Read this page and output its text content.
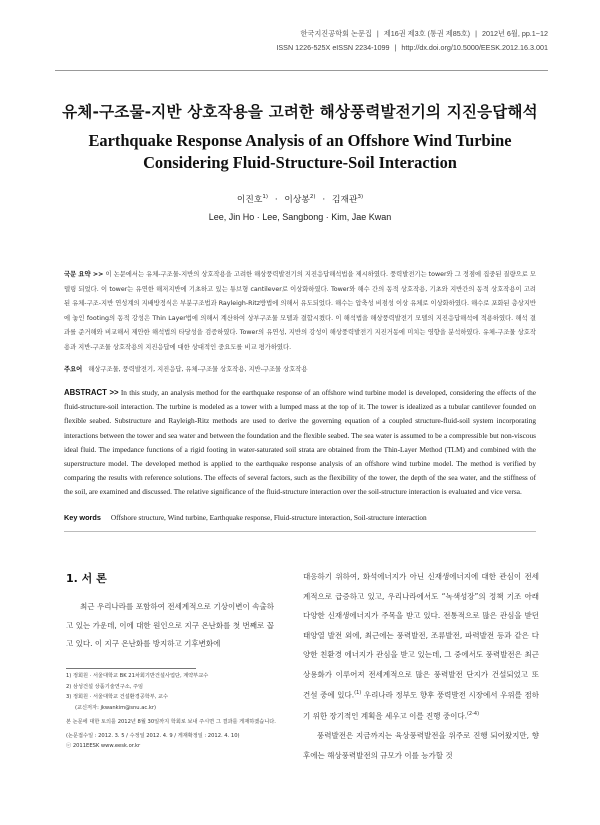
한국지진공학회 논문집 | 제16권 제3호 (통권 제85호) | 2012년 6월, pp.1~12
ISSN 1226-525X eISSN 2234-1099 | http://dx.doi.org/10.5000/EESK.2012.16.3.001
유체-구조물-지반 상호작용을 고려한 해상풍력발전기의 지진응답해석
Earthquake Response Analysis of an Offshore Wind Turbine Considering Fluid-Structure-Soil Interaction
이진호$^{1)}$ · 이상봉$^{2)}$ · 김재관$^{3)}$
Lee, Jin Ho · Lee, Sangbong · Kim, Jae Kwan
국문 요약 >> 이 논문에서는 유체-구조물-지반의 상호작용을 고려한 해상풍력발전기의 지진응답해석법을 제시하였다. 풍력발전기는 tower와 그 정점에 집중된 질량으로 모델링 되었다. 이 tower는 유연한 해저지반에 기초하고 있는 튜브형 cantilever로 이상화하였다. Tower와 해수 간의 동적 상호작용, 기초와 지반간의 동적 상호작용이 고려된 유체-구조-지반 연성계의 지배방정식은 부분구조법과 Rayleigh-Ritz방법에 의해서 유도되었다. 해수는 압축성 비점성 이상 유체로 이상화하였다. 해수로 포화된 층상지반에 놓인 footing의 동적 강성은 Thin Layer법에 의해서 계산하여 상부구조물 모델과 결합시켰다. 이 해석법을 해상풍력발전기 모델의 지진응답해석에 적용하였다. 해석 결과를 준거해와 비교해서 제안한 해석법의 타당성을 검증하였다. Tower의 유연성, 지반의 강성이 해상풍력발전기 지진거동에 미치는 영향을 분석하였다. 유체-구조물 상호작용과 지반-구조물 상호작용의 지진응답에 대한 상대적인 중요도를 비교 평가하였다.
주요어 해상구조물, 풍력발전기, 지진응답, 유체-구조물 상호작용, 지반-구조물 상호작용
ABSTRACT >> In this study, an analysis method for the earthquake response of an offshore wind turbine model is developed, considering the effects of the fluid-structure-soil interaction. The turbine is modeled as a tower with a lumped mass at the top of it. The tower is idealized as a tubular cantilever founded on flexible seabed. Substructure and Rayleigh-Ritz methods are used to derive the governing equation of a coupled structure-fluid-soil system incorporating interactions between the tower and sea water and between the foundation and the flexible seabed. The sea water is assumed to be a compressible but non-viscous ideal fluid. The impedance functions of a rigid footing in water-saturated soil strata are obtained from the Thin-Layer Method (TLM) and combined with the superstructure model. The developed method is applied to the earthquake response analysis of an offshore wind turbine model. The method is verified by comparing the results with reference solutions. The effects of several factors, such as the flexibility of the tower, the depth of the sea water, and the stiffness of the soil, are examined and discussed. The relative significance of the fluid-structure interaction over the soil-structure interaction is evaluated and vice versa.
Key words Offshore structure, Wind turbine, Earthquake response, Fluid-structure interaction, Soil-structure interaction
1. 서 론

최근 우리나라를 포함하여 전세계적으로 기상이변이 속출하고 있는 가운데, 이에 대한 원인으로 지구 온난화를 첫 번째로 꼽고 있다. 이 지구 온난화를 방지하고 기후변화에

1) 정회원 · 서울대학교 BK 21차회기반건설사업단, 계약부교수
2) 삼성건설 상품기술연구소, 주임
3) 정회원 · 서울대학교 건설환경공학부, 교수
(교신저자: jkwankim@snu.ac.kr)
본 논문에 대한 토의를 2012년 8월 30일까지 학회로 보내 주시면 그 결과를 게재하겠습니다.
(논문접수일 : 2012. 3. 5 / 수정일 2012. 4. 9 / 게재확정일 : 2012. 4. 10)
ⓒ 2011EESK www.eesk.or.kr

대응하기 위하여, 화석에너지가 아닌 신재생에너지에 대한 관심이 전세계적으로 급증하고 있고, 우리나라에서도 “녹색성장”의 정책 기조 아래 다양한 신재생에너지가 주목을 받고 있다. 전통적으로 많은 관심을 받던 태양열 발전 외에, 최근에는 풍력발전, 조류발전, 파력발전 등과 같은 다양한 친환경 에너지가 관심을 받고 있는데, 그 중에서도 풍력발전은 최근 상용화가 이루어져 전세계적으로 많은 풍력발전 단지가 건설되었고 또 건설 중에 있다.$^{(1)}$ 우리나라 정부도 향후 풍력발전 시장에서 우위를 점하기 위한 장기적인 계획을 세우고 이를 진행 중이다.$^{(2-4)}$

풍력발전은 지금까지는 육상풍력발전을 위주로 진행 되어왔지만, 향후에는 해상풍력발전의 규모가 이를 능가할 것
